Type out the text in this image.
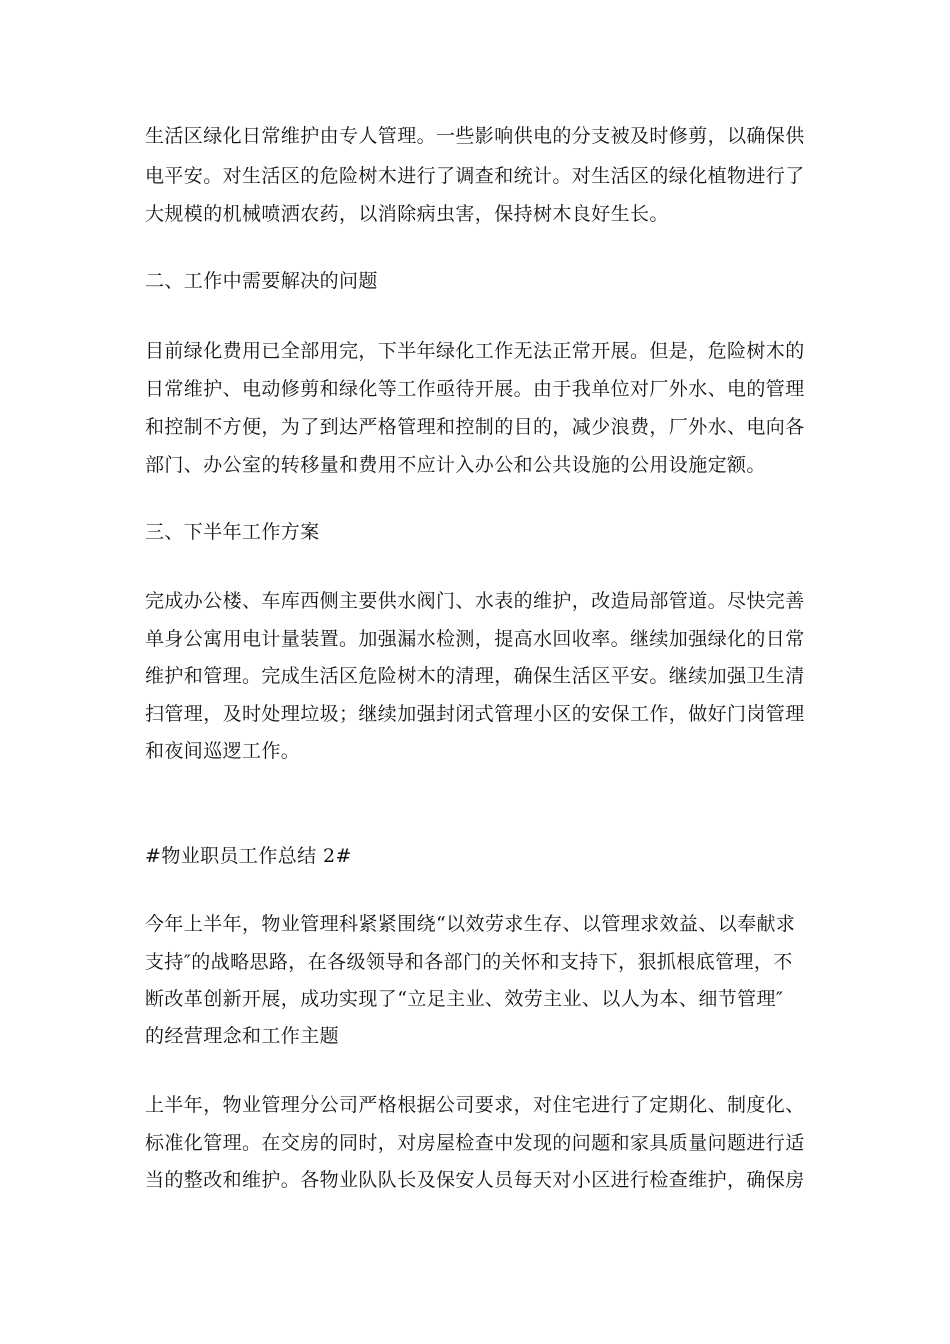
生活区绿化日常维护由专人管理。一些影响供电的分支被及时修剪，以确保供
电平安。对生活区的危险树木进行了调查和统计。对生活区的绿化植物进行了
大规模的机械喷洒农药，以消除病虫害，保持树木良好生长。
二、工作中需要解决的问题
目前绿化费用已全部用完，下半年绿化工作无法正常开展。但是，危险树木的
日常维护、电动修剪和绿化等工作亟待开展。由于我单位对厂外水、电的管理
和控制不方便，为了到达严格管理和控制的目的，减少浪费，厂外水、电向各
部门、办公室的转移量和费用不应计入办公和公共设施的公用设施定额。
三、下半年工作方案
完成办公楼、车库西侧主要供水阀门、水表的维护，改造局部管道。尽快完善
单身公寓用电计量装置。加强漏水检测，提高水回收率。继续加强绿化的日常
维护和管理。完成生活区危险树木的清理，确保生活区平安。继续加强卫生清
扫管理，及时处理垃圾；继续加强封闭式管理小区的安保工作，做好门岗管理
和夜间巡逻工作。
#物业职员工作总结 2#
今年上半年，物业管理科紧紧围绕“以效劳求生存、以管理求效益、以奉献求
支持″的战略思路，在各级领导和各部门的关怀和支持下，狠抓根底管理，不
断改革创新开展，成功实现了“立足主业、效劳主业、以人为本、细节管理″
的经营理念和工作主题
上半年，物业管理分公司严格根据公司要求，对住宅进行了定期化、制度化、
标准化管理。在交房的同时，对房屋检查中发现的问题和家具质量问题进行适
当的整改和维护。各物业队队长及保安人员每天对小区进行检查维护，确保房
